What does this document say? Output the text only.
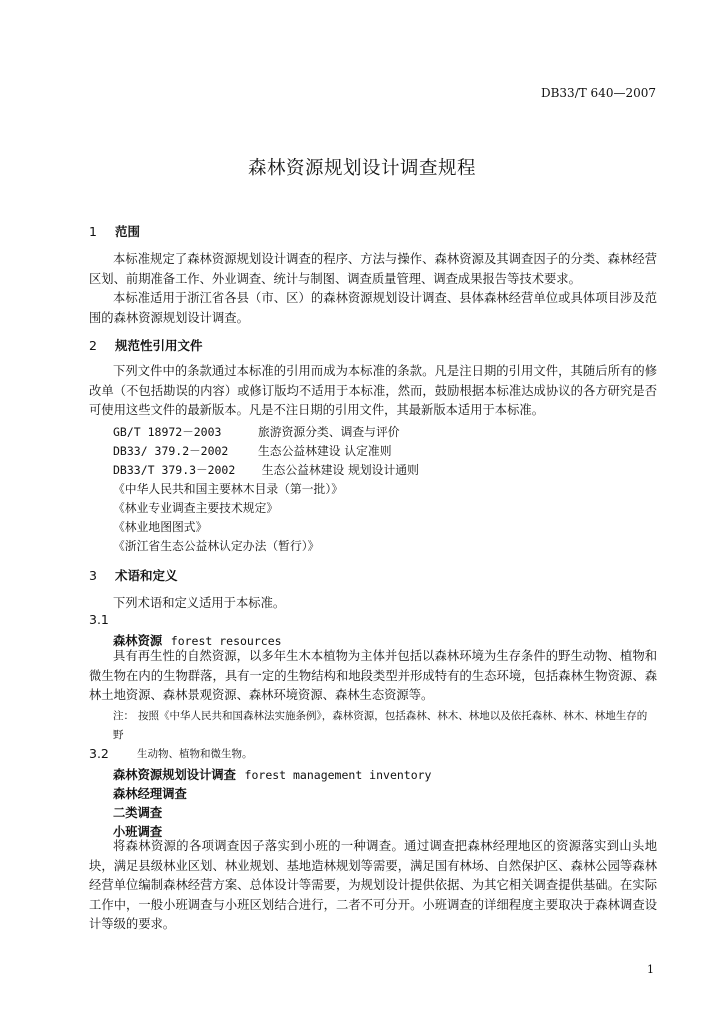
DB33/T 640—2007
森林资源规划设计调查规程
1 范围
本标准规定了森林资源规划设计调查的程序、方法与操作、森林资源及其调查因子的分类、森林经营区划、前期准备工作、外业调查、统计与制图、调查质量管理、调查成果报告等技术要求。
本标准适用于浙江省各县（市、区）的森林资源规划设计调查、县体森林经营单位或具体项目涉及范围的森林资源规划设计调查。
2 规范性引用文件
下列文件中的条款通过本标准的引用而成为本标准的条款。凡是注日期的引用文件，其随后所有的修改单（不包括勘误的内容）或修订版均不适用于本标准，然而，鼓励根据本标准达成协议的各方研究是否可使用这些文件的最新版本。凡是不注日期的引用文件，其最新版本适用于本标准。
GB/T 18972－2003	旅游资源分类、调查与评价
DB33/ 379.2－2002	生态公益林建设 认定准则
DB33/T 379.3－2002 生态公益林建设 规划设计通则
《中华人民共和国主要林木目录（第一批）》
《林业专业调查主要技术规定》
《林业地图图式》
《浙江省生态公益林认定办法（暂行）》
3 术语和定义
下列术语和定义适用于本标准。
3.1
森林资源 forest resources
具有再生性的自然资源，以多年生木本植物为主体并包括以森林环境为生存条件的野生动物、植物和微生物在内的生物群落，具有一定的生物结构和地段类型并形成特有的生态环境，包括森林生物资源、森林土地资源、森林景观资源、森林环境资源、森林生态资源等。
注： 按照《中华人民共和国森林法实施条例》，森林资源，包括森林、林木、林地以及依托森林、林木、林地生存的野
生动物、植物和微生物。
3.2
森林资源规划设计调查 forest management inventory
森林经理调查
二类调查
小班调查
将森林资源的各项调查因子落实到小班的一种调查。通过调查把森林经理地区的资源落实到山头地块，满足县级林业区划、林业规划、基地造林规划等需要，满足国有林场、自然保护区、森林公园等森林经营单位编制森林经营方案、总体设计等需要，为规划设计提供依据、为其它相关调查提供基础。在实际工作中，一般小班调查与小班区划结合进行，二者不可分开。小班调查的详细程度主要取决于森林调查设计等级的要求。
1
